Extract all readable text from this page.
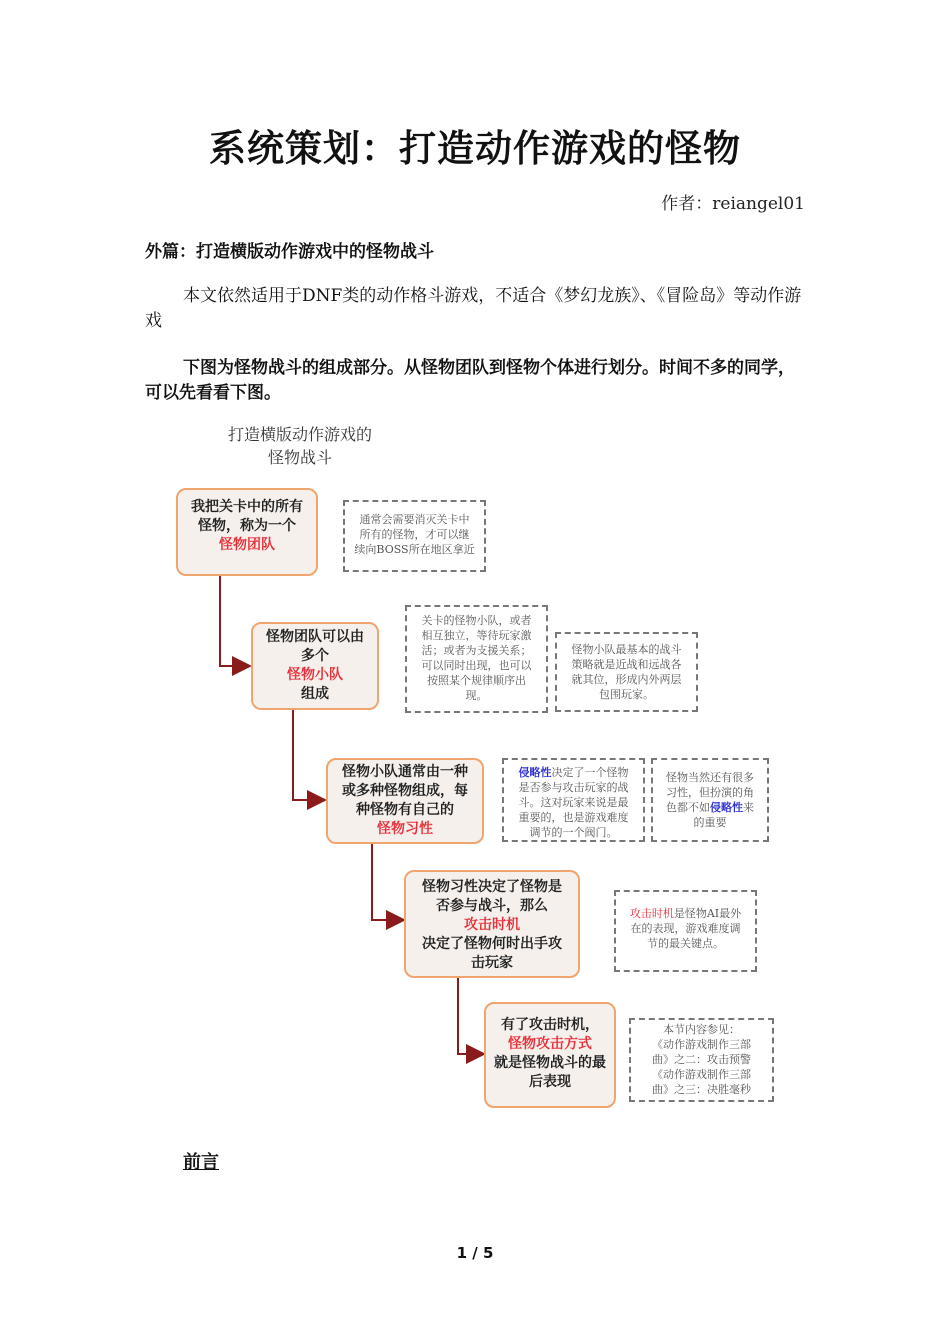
系统策划：打造动作游戏的怪物
作者：reiangel01
外篇：打造横版动作游戏中的怪物战斗
本文依然适用于DNF类的动作格斗游戏，不适合《梦幻龙族》、《冒险岛》等动作游戏
下图为怪物战斗的组成部分。从怪物团队到怪物个体进行划分。时间不多的同学，可以先看看下图。
打造横版动作游戏的
怪物战斗
我把关卡中的所有
怪物，称为一个
怪物团队
怪物团队可以由
多个
怪物小队
组成
怪物小队通常由一种
或多种怪物组成，每
种怪物有自己的
怪物习性
怪物习性决定了怪物是
否参与战斗，那么
攻击时机
决定了怪物何时出手攻
击玩家
有了攻击时机，
怪物攻击方式
就是怪物战斗的最
后表现
通常会需要消灭关卡中
所有的怪物，才可以继
续向BOSS所在地区拿近
关卡的怪物小队，或者
相互独立，等待玩家激
活；或者为支援关系；
可以同时出现，也可以
按照某个规律顺序出
现。
怪物小队最基本的战斗
策略就是近战和远战各
就其位，形成内外两层
包围玩家。
侵略性决定了一个怪物
是否参与攻击玩家的战
斗。这对玩家来说是最
重要的，也是游戏难度
调节的一个阀门。
怪物当然还有很多
习性，但扮演的角
色都不如侵略性来
的重要
攻击时机是怪物AI最外
在的表现，游戏难度调
节的最关键点。
本节内容参见：
《动作游戏制作三部
曲》之二：攻击预警
《动作游戏制作三部
曲》之三：决胜毫秒
前言
1 / 5
